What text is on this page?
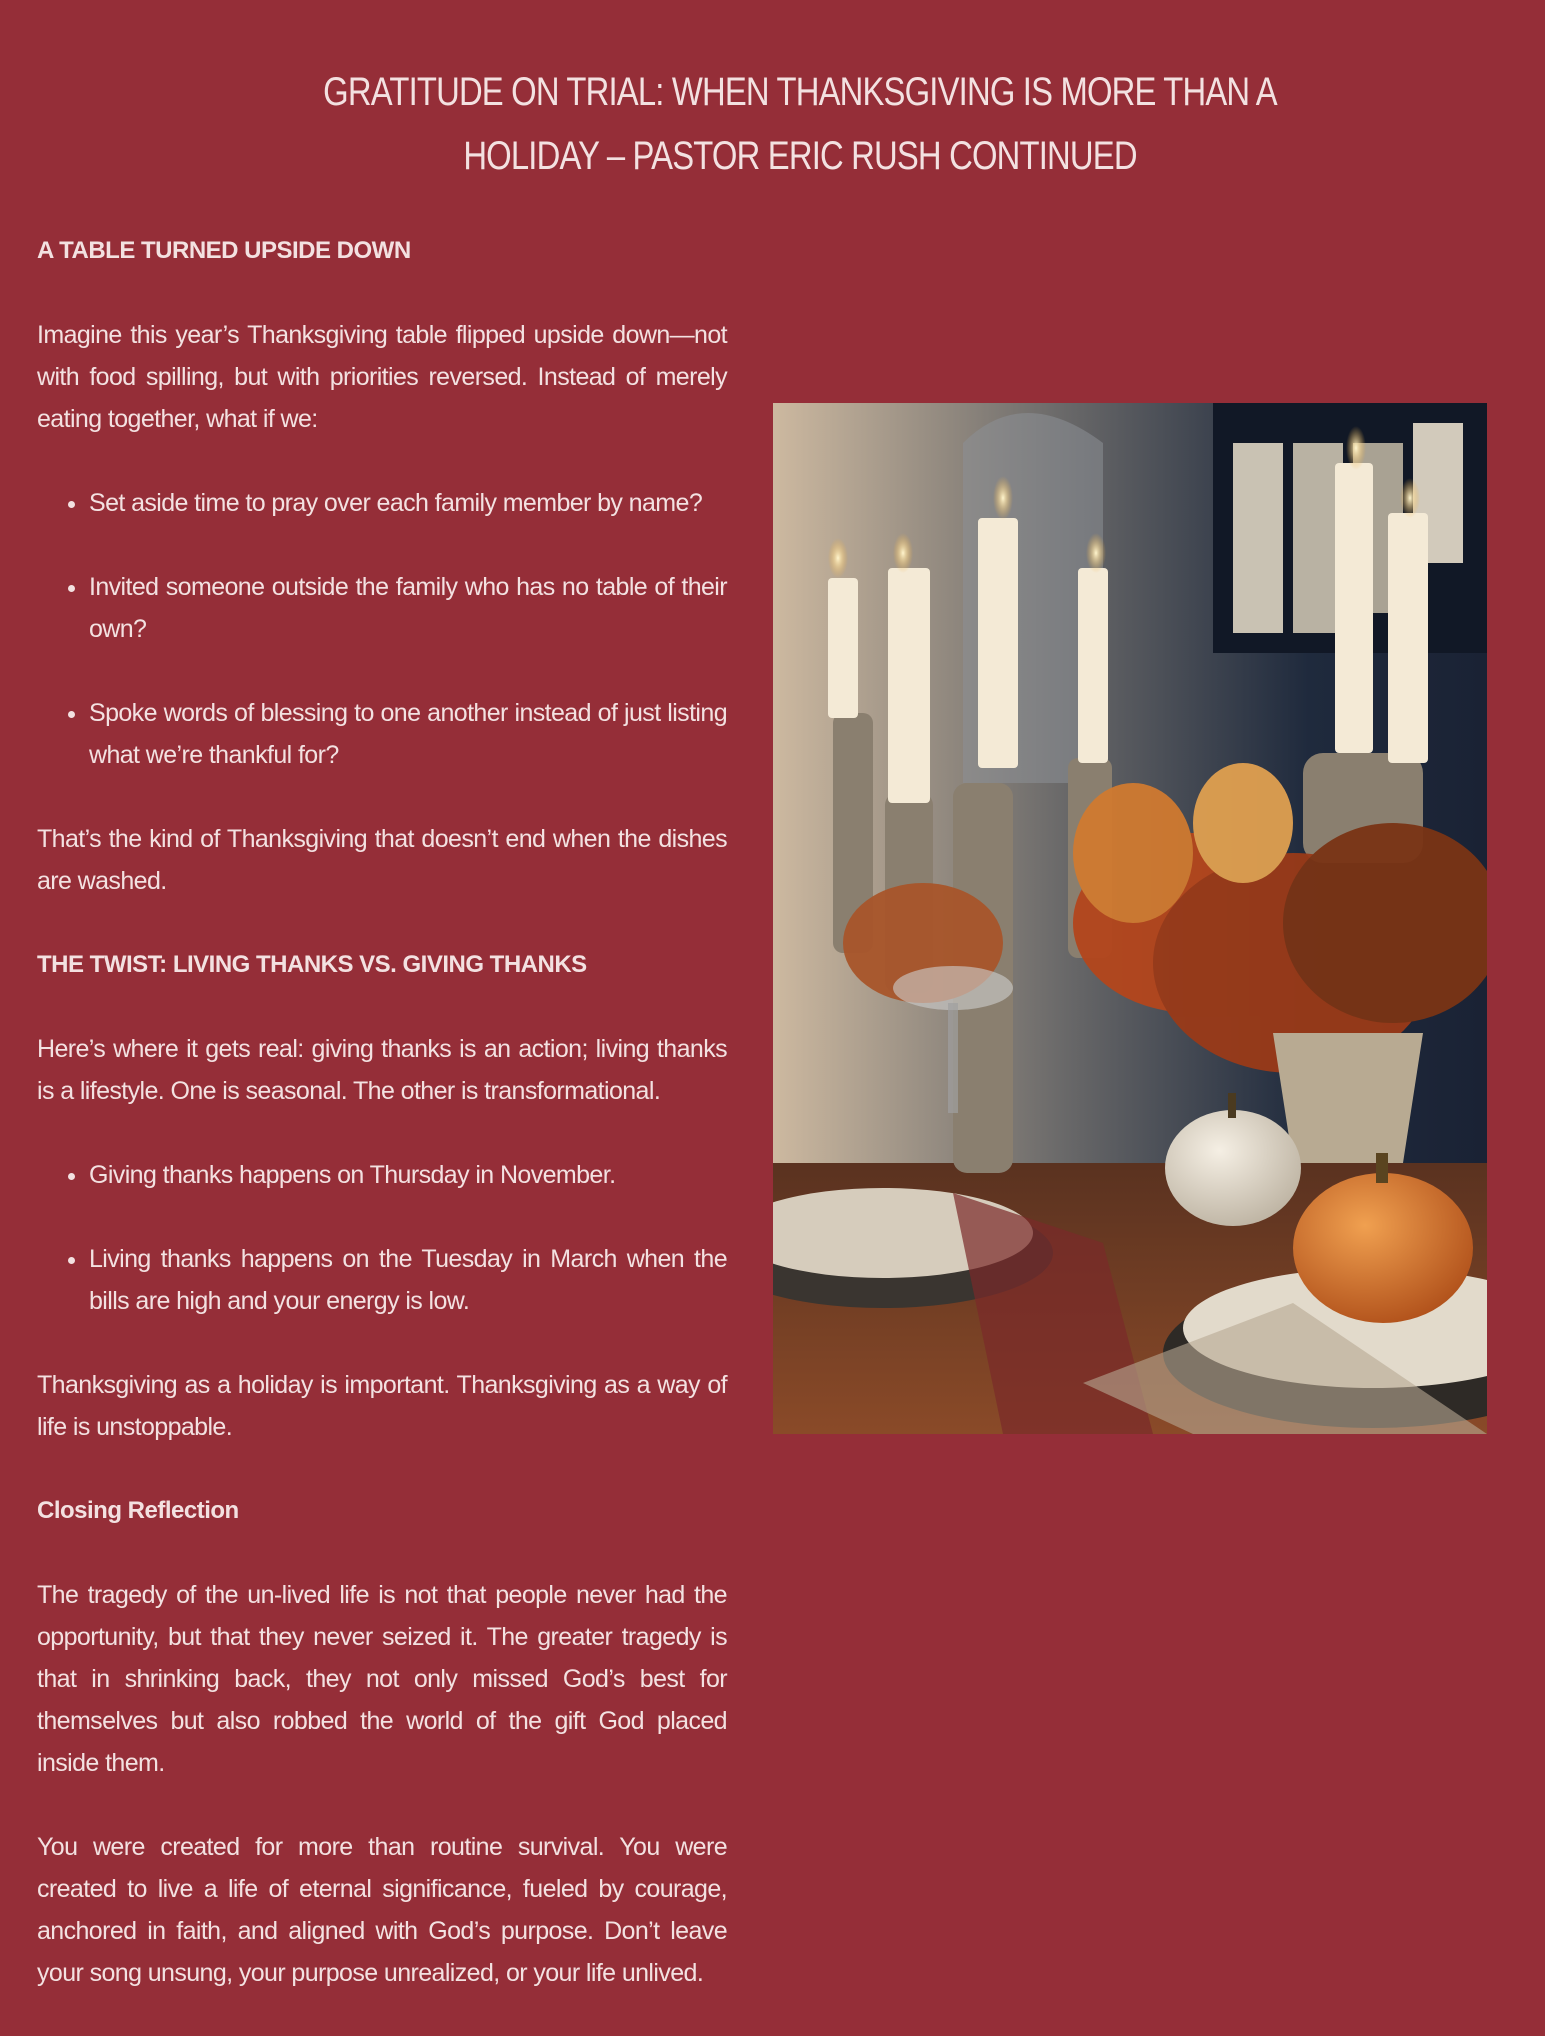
GRATITUDE ON TRIAL: WHEN THANKSGIVING IS MORE THAN A HOLIDAY – PASTOR ERIC RUSH CONTINUED
A TABLE TURNED UPSIDE DOWN

Imagine this year’s Thanksgiving table flipped upside down—not with food spilling, but with priorities reversed. Instead of merely eating together, what if we:

• Set aside time to pray over each family member by name?
• Invited someone outside the family who has no table of their own?
• Spoke words of blessing to one another instead of just listing what we’re thankful for?

That’s the kind of Thanksgiving that doesn’t end when the dishes are washed.

THE TWIST: LIVING THANKS VS. GIVING THANKS

Here’s where it gets real: giving thanks is an action; living thanks is a lifestyle. One is seasonal. The other is transformational.

• Giving thanks happens on Thursday in November.
• Living thanks happens on the Tuesday in March when the bills are high and your energy is low.

Thanksgiving as a holiday is important. Thanksgiving as a way of life is unstoppable.

Closing Reflection

The tragedy of the un-lived life is not that people never had the opportunity, but that they never seized it. The greater tragedy is that in shrinking back, they not only missed God’s best for themselves but also robbed the world of the gift God placed inside them.

You were created for more than routine survival. You were created to live a life of eternal significance, fueled by courage, anchored in faith, and aligned with God’s purpose. Don’t leave your song unsung, your purpose unrealized, or your life unlived.
